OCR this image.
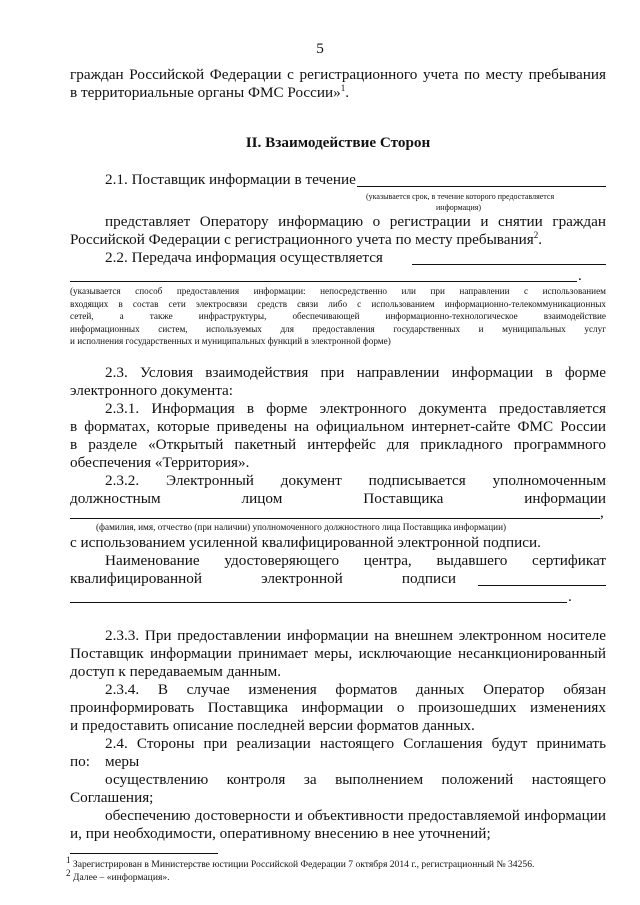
5
граждан Российской Федерации с регистрационного учета по месту пребывания
в территориальные органы ФМС России»$^1$.
II. Взаимодействие Сторон
2.1. Поставщик информации в течение
(указывается срок, в течение которого предоставляется
информация)
представляет Оператору информацию о регистрации и снятии граждан
Российской Федерации с регистрационного учета по месту пребывания$^2$.
2.2. Передача информация осуществляется
.
(указывается способ предоставления информации: непосредственно или при направлении с использованием
входящих в состав сети электросвязи средств связи либо с использованием информационно-телекоммуникационных
сетей, а также инфраструктуры, обеспечивающей информационно-технологическое взаимодействие
информационных систем, используемых для предоставления государственных и муниципальных услуг
и исполнения государственных и муниципальных функций в электронной форме)
2.3. Условия взаимодействия при направлении информации в форме
электронного документа:
2.3.1. Информация в форме электронного документа предоставляется
в форматах, которые приведены на официальном интернет-сайте ФМС России
в разделе «Открытый пакетный интерфейс для прикладного программного
обеспечения «Территория».
2.3.2. Электронный документ подписывается уполномоченным
должностным лицом Поставщика информации
,
(фамилия, имя, отчество (при наличии) уполномоченного должностного лица Поставщика информации)
с использованием усиленной квалифицированной электронной подписи.
Наименование удостоверяющего центра, выдавшего сертификат
квалифицированной электронной подписи
.
2.3.3. При предоставлении информации на внешнем электронном носителе
Поставщик информации принимает меры, исключающие несанкционированный
доступ к передаваемым данным.
2.3.4. В случае изменения форматов данных Оператор обязан
проинформировать Поставщика информации о произошедших изменениях
и предоставить описание последней версии форматов данных.
2.4. Стороны при реализации настоящего Соглашения будут принимать меры
по:
осуществлению контроля за выполнением положений настоящего
Соглашения;
обеспечению достоверности и объективности предоставляемой информации
и, при необходимости, оперативному внесению в нее уточнений;
$^1$ Зарегистрирован в Министерстве юстиции Российской Федерации 7 октября 2014 г., регистрационный № 34256.
$^2$ Далее – «информация».
